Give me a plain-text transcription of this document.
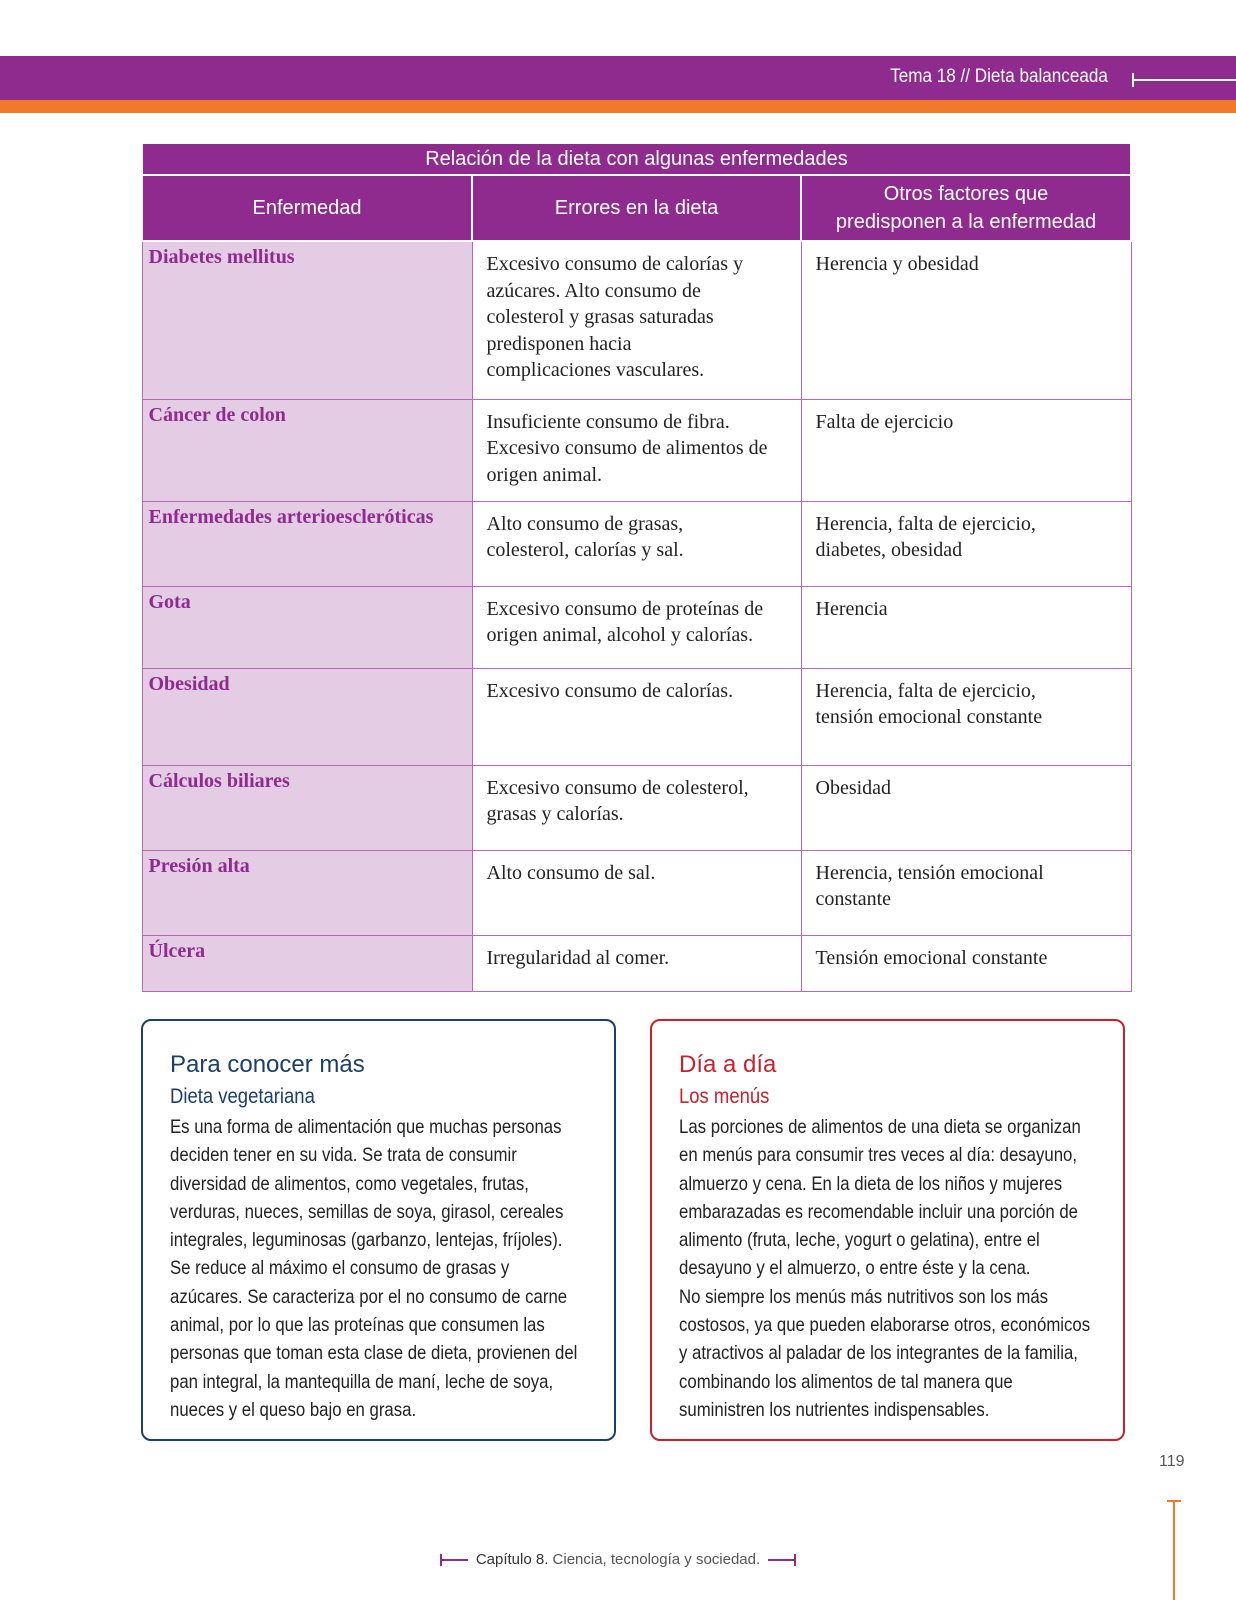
Tema 18 // Dieta balanceada
Relación de la dieta con algunas enfermedades		
Enfermedad	Errores en la dieta	Otros factores que predisponen a la enfermedad
Diabetes mellitus	Excesivo consumo de calorías y azúcares. Alto consumo de colesterol y grasas saturadas predisponen hacia complicaciones vasculares.	Herencia y obesidad
Cáncer de colon	Insuficiente consumo de fibra. Excesivo consumo de alimentos de origen animal.	Falta de ejercicio
Enfermedades arterioescleróticas	Alto consumo de grasas, colesterol, calorías y sal.	Herencia, falta de ejercicio, diabetes, obesidad

Gota	Excesivo consumo de proteínas de origen animal, alcohol y calorías.	Herencia
Obesidad	Excesivo consumo de calorías.	Herencia, falta de ejercicio, tensión emocional constante

Cálculos biliares	Excesivo consumo de colesterol, grasas y calorías.	Obesidad
Presión alta	Alto consumo de sal.	Herencia, tensión emocional constante

Úlcera	Irregularidad al comer.	Tensión emocional constante
Para conocer más
Dieta vegetariana

Es una forma de alimentación que muchas personas deciden tener en su vida. Se trata de consumir diversidad de alimentos, como vegetales, frutas, verduras, nueces, semillas de soya, girasol, cereales integrales, leguminosas (garbanzo, lentejas, fríjoles). Se reduce al máximo el consumo de grasas y azúcares. Se caracteriza por el no consumo de carne animal, por lo que las proteínas que consumen las personas que toman esta clase de dieta, provienen del pan integral, la mantequilla de maní, leche de soya, nueces y el queso bajo en grasa.

Día a día
Los menús

Las porciones de alimentos de una dieta se organizan en menús para consumir tres veces al día: desayuno, almuerzo y cena. En la dieta de los niños y mujeres embarazadas es recomendable incluir una porción de alimento (fruta, leche, yogurt o gelatina), entre el desayuno y el almuerzo, o entre éste y la cena.

No siempre los menús más nutritivos son los más costosos, ya que pueden elaborarse otros, económicos y atractivos al paladar de los integrantes de la familia, combinando los alimentos de tal manera que suministren los nutrientes indispensables.

119
Capítulo 8. Ciencia, tecnología y sociedad.
